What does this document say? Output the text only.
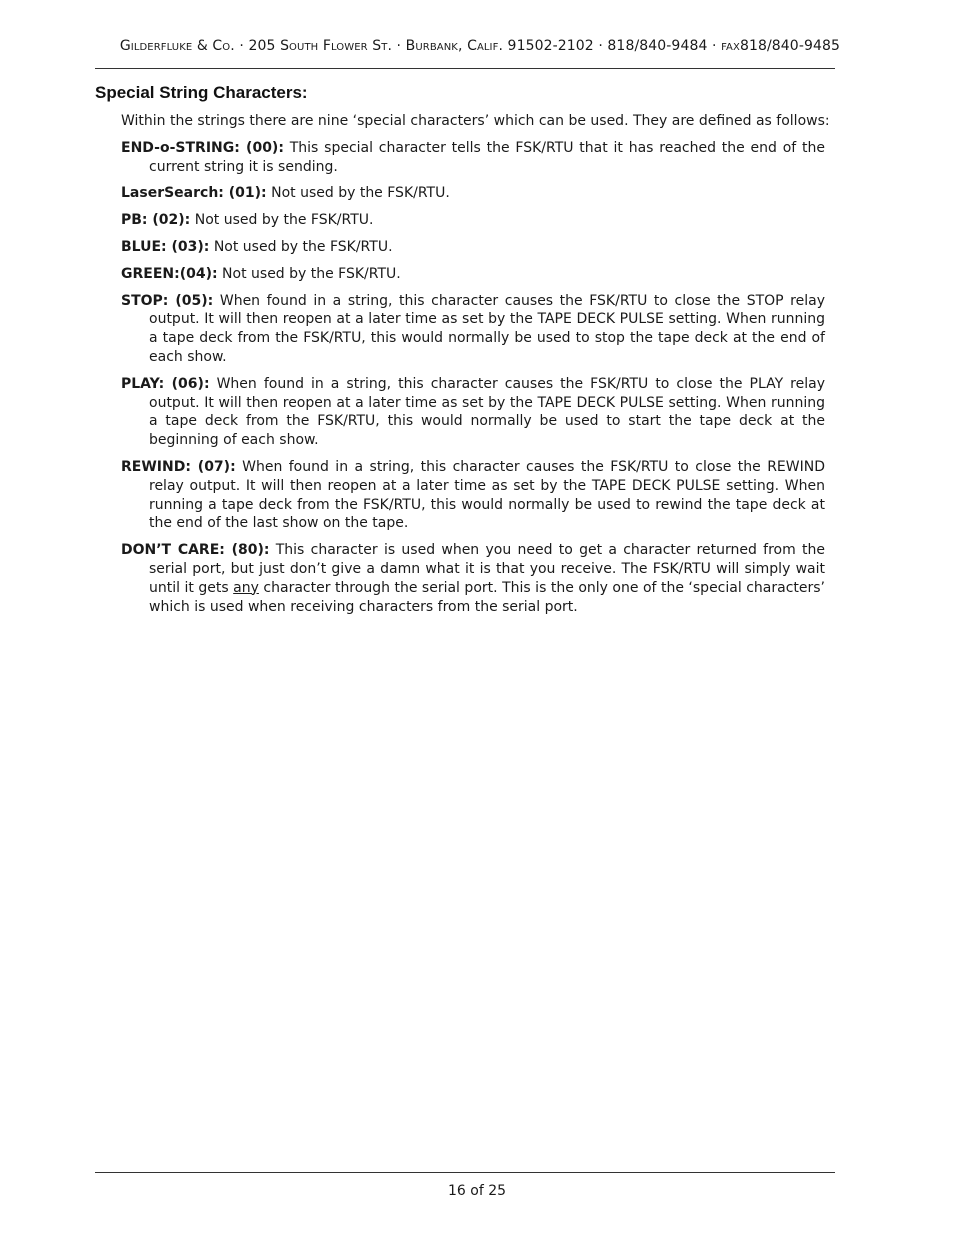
Gilderfluke & Co. · 205 South Flower St. · Burbank, Calif. 91502-2102 · 818/840-9484 · fax818/840-9485
Special String Characters:

Within the strings there are nine ‘special characters’ which can be used. They are defined as follows:

END-o-STRING: (00): This special character tells the FSK/RTU that it has reached the end of the current string it is sending.

LaserSearch: (01): Not used by the FSK/RTU.

PB: (02): Not used by the FSK/RTU.

BLUE: (03): Not used by the FSK/RTU.

GREEN:(04): Not used by the FSK/RTU.

STOP: (05): When found in a string, this character causes the FSK/RTU to close the STOP relay output. It will then reopen at a later time as set by the TAPE DECK PULSE setting. When running a tape deck from the FSK/RTU, this would normally be used to stop the tape deck at the end of each show.

PLAY: (06): When found in a string, this character causes the FSK/RTU to close the PLAY relay output. It will then reopen at a later time as set by the TAPE DECK PULSE setting. When running a tape deck from the FSK/RTU, this would normally be used to start the tape deck at the beginning of each show.

REWIND: (07): When found in a string, this character causes the FSK/RTU to close the REWIND relay output. It will then reopen at a later time as set by the TAPE DECK PULSE setting. When running a tape deck from the FSK/RTU, this would normally be used to rewind the tape deck at the end of the last show on the tape.

DON’T CARE: (80): This character is used when you need to get a character returned from the serial port, but just don’t give a damn what it is that you receive. The FSK/RTU will simply wait until it gets any character through the serial port. This is the only one of the ‘special characters’ which is used when receiving characters from the serial port.

16 of 25
